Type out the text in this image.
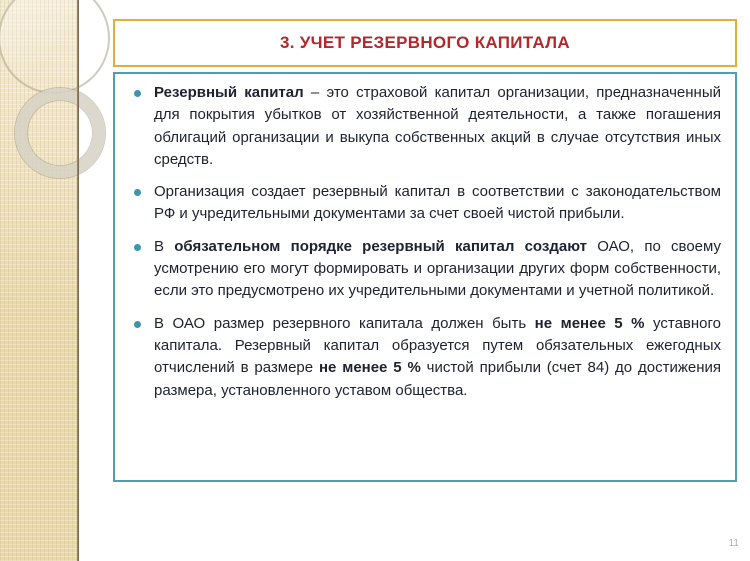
3. УЧЕТ РЕЗЕРВНОГО КАПИТАЛА

Резервный капитал – это страховой капитал организации, предназначенный для покрытия убытков от хозяйственной деятельности, а также погашения облигаций организации и выкупа собственных акций в случае отсутствия иных средств.

Организация создает резервный капитал в соответствии с законодательством РФ и учредительными документами за счет своей чистой прибыли.

В обязательном порядке резервный капитал создают ОАО, по своему усмотрению его могут формировать и организации других форм собственности, если это предусмотрено их учредительными документами и учетной политикой.

В ОАО размер резервного капитала должен быть не менее 5 % уставного капитала. Резервный капитал образуется путем обязательных ежегодных отчислений в размере не менее 5 % чистой прибыли (счет 84) до достижения размера, установленного уставом общества.

11
